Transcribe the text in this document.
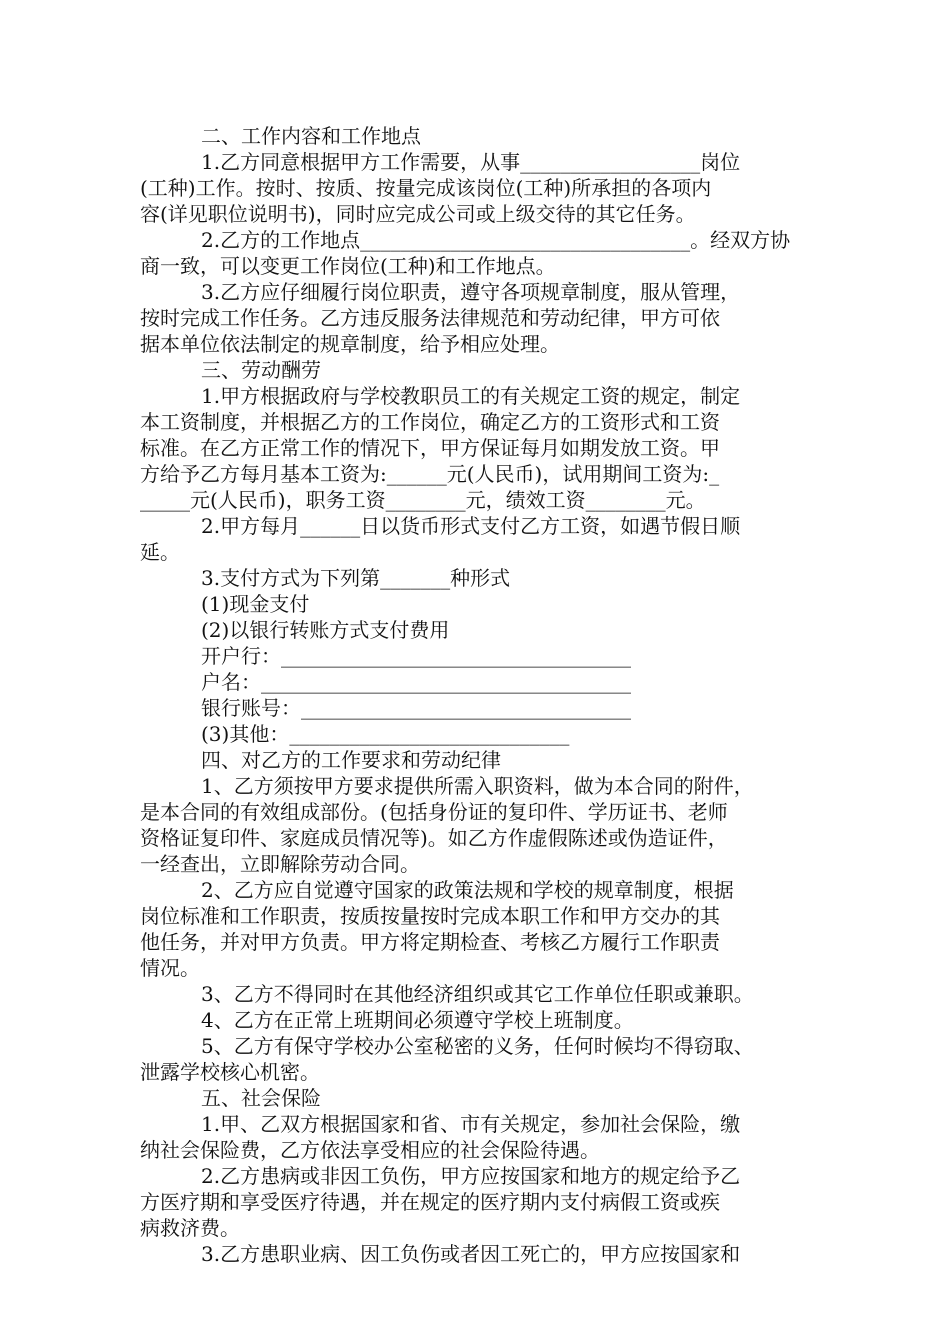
二、工作内容和工作地点

1.乙方同意根据甲方工作需要，从事__________________岗位

(工种)工作。按时、按质、按量完成该岗位(工种)所承担的各项内

容(详见职位说明书)，同时应完成公司或上级交待的其它任务。

2.乙方的工作地点_________________________________。经双方协

商一致，可以变更工作岗位(工种)和工作地点。

3.乙方应仔细履行岗位职责，遵守各项规章制度，服从管理，

按时完成工作任务。乙方违反服务法律规范和劳动纪律，甲方可依

据本单位依法制定的规章制度，给予相应处理。

三、劳动酬劳

1.甲方根据政府与学校教职员工的有关规定工资的规定，制定

本工资制度，并根据乙方的工作岗位，确定乙方的工资形式和工资

标准。在乙方正常工作的情况下，甲方保证每月如期发放工资。甲

方给予乙方每月基本工资为:______元(人民币)，试用期间工资为:_

_____元(人民币)，职务工资________元，绩效工资________元。

2.甲方每月______日以货币形式支付乙方工资，如遇节假日顺

延。

3.支付方式为下列第_______种形式

(1)现金支付

(2)以银行转账方式支付费用

开户行：___________________________________

户名：_____________________________________

银行账号：_________________________________

(3)其他：____________________________

四、对乙方的工作要求和劳动纪律

1、乙方须按甲方要求提供所需入职资料，做为本合同的附件，

是本合同的有效组成部份。(包括身份证的复印件、学历证书、老师

资格证复印件、家庭成员情况等)。如乙方作虚假陈述或伪造证件，

一经查出，立即解除劳动合同。

2、乙方应自觉遵守国家的政策法规和学校的规章制度，根据

岗位标准和工作职责，按质按量按时完成本职工作和甲方交办的其

他任务，并对甲方负责。甲方将定期检查、考核乙方履行工作职责

情况。

3、乙方不得同时在其他经济组织或其它工作单位任职或兼职。

4、乙方在正常上班期间必须遵守学校上班制度。

5、乙方有保守学校办公室秘密的义务，任何时候均不得窃取、

泄露学校核心机密。

五、社会保险

1.甲、乙双方根据国家和省、市有关规定，参加社会保险，缴

纳社会保险费，乙方依法享受相应的社会保险待遇。

2.乙方患病或非因工负伤，甲方应按国家和地方的规定给予乙

方医疗期和享受医疗待遇，并在规定的医疗期内支付病假工资或疾

病救济费。

3.乙方患职业病、因工负伤或者因工死亡的，甲方应按国家和
